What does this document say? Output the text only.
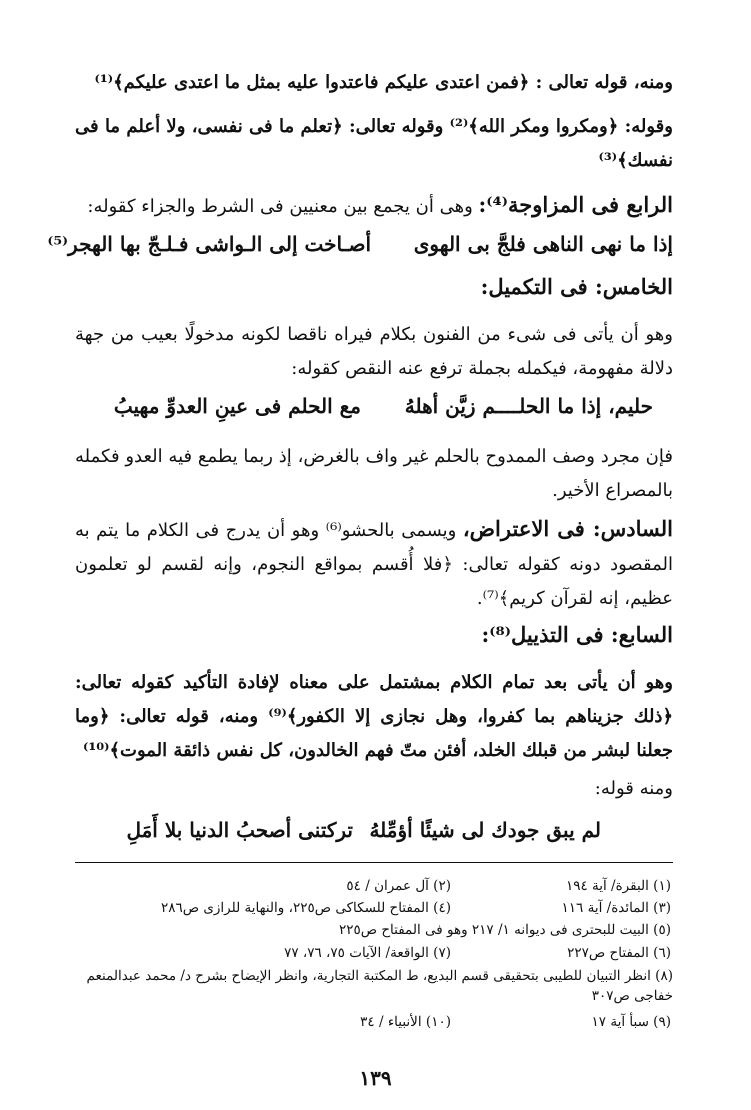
ومنه، قوله تعالى : ﴿فمن اعتدى عليكم فاعتدوا عليه بمثل ما اعتدى عليكم﴾⁽¹⁾

وقوله: ﴿ومكروا ومكر الله﴾⁽²⁾ وقوله تعالى: ﴿تعلم ما فى نفسى، ولا أعلم ما فى نفسك﴾⁽³⁾

الرابع فى المزاوجة⁽⁴⁾: وهى أن يجمع بين معنيين فى الشرط والجزاء كقوله:

إذا ما نهى الناهى فلجَّ بى الهوى

أصـاخت إلى الـواشى فـلـجّ بها الهجر⁽⁵⁾

الخامس: فى التكميل:

وهو أن يأتى فى شىء من الفنون بكلام فيراه ناقصا لكونه مدخولًا بعيب من جهة دلالة مفهومة، فيكمله بجملة ترفع عنه النقص كقوله:

حليم، إذا ما الحلــــم زيَّن أهلهُ

مع الحلم فى عينِ العدوِّ مهيبُ

فإن مجرد وصف الممدوح بالحلم غير واف بالغرض، إذ ربما يطمع فيه العدو فكمله بالمصراع الأخير.

السادس: فى الاعتراض، ويسمى بالحشو⁽⁶⁾ وهو أن يدرج فى الكلام ما يتم به المقصود دونه كقوله تعالى: ﴿فلا أُقسم بمواقع النجوم، وإنه لقسم لو تعلمون عظيم، إنه لقرآن كريم﴾⁽⁷⁾.

السابع: فى التذييل⁽⁸⁾:

وهو أن يأتى بعد تمام الكلام بمشتمل على معناه لإفادة التأكيد كقوله تعالى: ﴿ذلك جزيناهم بما كفروا، وهل نجازى إلا الكفور﴾⁽⁹⁾ ومنه، قوله تعالى: ﴿وما جعلنا لبشر من قبلك الخلد، أفئن متّ فهم الخالدون، كل نفس ذائقة الموت﴾⁽¹⁰⁾

ومنه قوله:

لم يبق جودك لى شيئًا أؤمِّلهُ

تركتنى أصحبُ الدنيا بلا أَمَلِ

(١) البقرة/ آية ١٩٤

(٢) آل عمران / ٥٤

(٣) المائدة/ آية ١١٦

(٤) المفتاح للسكاكى ص٢٢٥، والنهاية للرازى ص٢٨٦

(٥) البيت للبحترى فى ديوانه ١/ ٢١٧ وهو فى المفتاح ص٢٢٥

(٦) المفتاح ص٢٢٧

(٧) الواقعة/ الآيات ٧٥، ٧٦، ٧٧

(٨) انظر التبيان للطيبى بتحقيقى قسم البديع، ط المكتبة التجارية، وانظر الإيضاح بشرح د/ محمد عبدالمنعم خفاجى ص٣٠٧

(٩) سبأ آية ١٧

(١٠) الأنبياء / ٣٤

١٣٩
